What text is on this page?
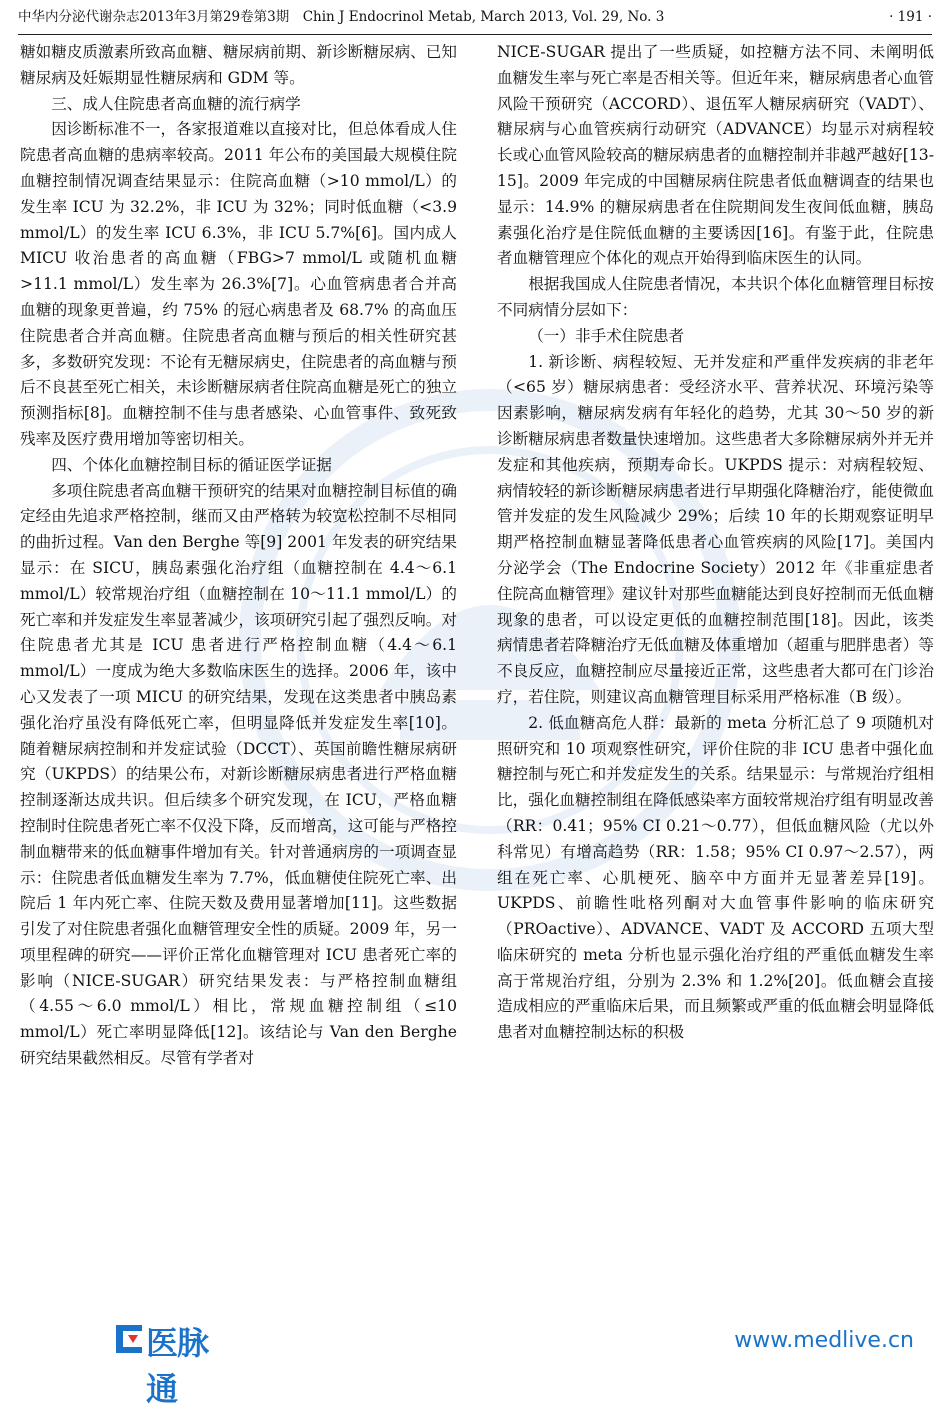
中华内分泌代谢杂志2013年3月第29卷第3期　Chin J Endocrinol Metab, March 2013, Vol. 29, No. 3	· 191 ·

糖如糖皮质激素所致高血糖、糖尿病前期、新诊断糖尿病、已知糖尿病及妊娠期显性糖尿病和 GDM 等。

三、成人住院患者高血糖的流行病学

因诊断标准不一，各家报道难以直接对比，但总体看成人住院患者高血糖的患病率较高。2011 年公布的美国最大规模住院血糖控制情况调查结果显示：住院高血糖（>10 mmol/L）的发生率 ICU 为 32.2%，非 ICU 为 32%；同时低血糖（<3.9 mmol/L）的发生率 ICU 6.3%，非 ICU 5.7%[6]。国内成人 MICU 收治患者的高血糖（FBG>7 mmol/L 或随机血糖>11.1 mmol/L）发生率为 26.3%[7]。心血管病患者合并高血糖的现象更普遍，约 75% 的冠心病患者及 68.7% 的高血压住院患者合并高血糖。住院患者高血糖与预后的相关性研究甚多，多数研究发现：不论有无糖尿病史，住院患者的高血糖与预后不良甚至死亡相关，未诊断糖尿病者住院高血糖是死亡的独立预测指标[8]。血糖控制不佳与患者感染、心血管事件、致死致残率及医疗费用增加等密切相关。

四、个体化血糖控制目标的循证医学证据

多项住院患者高血糖干预研究的结果对血糖控制目标值的确定经由先追求严格控制，继而又由严格转为较宽松控制不尽相同的曲折过程。Van den Berghe 等[9] 2001 年发表的研究结果显示：在 SICU，胰岛素强化治疗组（血糖控制在 4.4～6.1 mmol/L）较常规治疗组（血糖控制在 10～11.1 mmol/L）的死亡率和并发症发生率显著减少，该项研究引起了强烈反响。对住院患者尤其是 ICU 患者进行严格控制血糖（4.4～6.1 mmol/L）一度成为绝大多数临床医生的选择。2006 年，该中心又发表了一项 MICU 的研究结果，发现在这类患者中胰岛素强化治疗虽没有降低死亡率，但明显降低并发症发生率[10]。随着糖尿病控制和并发症试验（DCCT）、英国前瞻性糖尿病研究（UKPDS）的结果公布，对新诊断糖尿病患者进行严格血糖控制逐渐达成共识。但后续多个研究发现，在 ICU，严格血糖控制时住院患者死亡率不仅没下降，反而增高，这可能与严格控制血糖带来的低血糖事件增加有关。针对普通病房的一项调查显示：住院患者低血糖发生率为 7.7%，低血糖使住院死亡率、出院后 1 年内死亡率、住院天数及费用显著增加[11]。这些数据引发了对住院患者强化血糖管理安全性的质疑。2009 年，另一项里程碑的研究——评价正常化血糖管理对 ICU 患者死亡率的影响（NICE-SUGAR）研究结果发表：与严格控制血糖组（4.55～6.0 mmol/L）相比，常规血糖控制组（≤10 mmol/L）死亡率明显降低[12]。该结论与 Van den Berghe 研究结果截然相反。尽管有学者对

NICE-SUGAR 提出了一些质疑，如控糖方法不同、未阐明低血糖发生率与死亡率是否相关等。但近年来，糖尿病患者心血管风险干预研究（ACCORD）、退伍军人糖尿病研究（VADT）、糖尿病与心血管疾病行动研究（ADVANCE）均显示对病程较长或心血管风险较高的糖尿病患者的血糖控制并非越严越好[13-15]。2009 年完成的中国糖尿病住院患者低血糖调查的结果也显示：14.9% 的糖尿病患者在住院期间发生夜间低血糖，胰岛素强化治疗是住院低血糖的主要诱因[16]。有鉴于此，住院患者血糖管理应个体化的观点开始得到临床医生的认同。

根据我国成人住院患者情况，本共识个体化血糖管理目标按不同病情分层如下：

（一）非手术住院患者

1. 新诊断、病程较短、无并发症和严重伴发疾病的非老年（<65 岁）糖尿病患者：受经济水平、营养状况、环境污染等因素影响，糖尿病发病有年轻化的趋势，尤其 30～50 岁的新诊断糖尿病患者数量快速增加。这些患者大多除糖尿病外并无并发症和其他疾病，预期寿命长。UKPDS 提示：对病程较短、病情较轻的新诊断糖尿病患者进行早期强化降糖治疗，能使微血管并发症的发生风险减少 29%；后续 10 年的长期观察证明早期严格控制血糖显著降低患者心血管疾病的风险[17]。美国内分泌学会（The Endocrine Society）2012 年《非重症患者住院高血糖管理》建议针对那些血糖能达到良好控制而无低血糖现象的患者，可以设定更低的血糖控制范围[18]。因此，该类病情患者若降糖治疗无低血糖及体重增加（超重与肥胖患者）等不良反应，血糖控制应尽量接近正常，这些患者大都可在门诊治疗，若住院，则建议高血糖管理目标采用严格标准（B 级）。

2. 低血糖高危人群：最新的 meta 分析汇总了 9 项随机对照研究和 10 项观察性研究，评价住院的非 ICU 患者中强化血糖控制与死亡和并发症发生的关系。结果显示：与常规治疗组相比，强化血糖控制组在降低感染率方面较常规治疗组有明显改善（RR：0.41；95% CI 0.21～0.77），但低血糖风险（尤以外科常见）有增高趋势（RR：1.58；95% CI 0.97～2.57），两组在死亡率、心肌梗死、脑卒中方面并无显著差异[19]。UKPDS、前瞻性吡格列酮对大血管事件影响的临床研究（PROactive）、ADVANCE、VADT 及 ACCORD 五项大型临床研究的 meta 分析也显示强化治疗组的严重低血糖发生率高于常规治疗组，分别为 2.3% 和 1.2%[20]。低血糖会直接造成相应的严重临床后果，而且频繁或严重的低血糖会明显降低患者对血糖控制达标的积极

医脉通
www.medlive.cn
